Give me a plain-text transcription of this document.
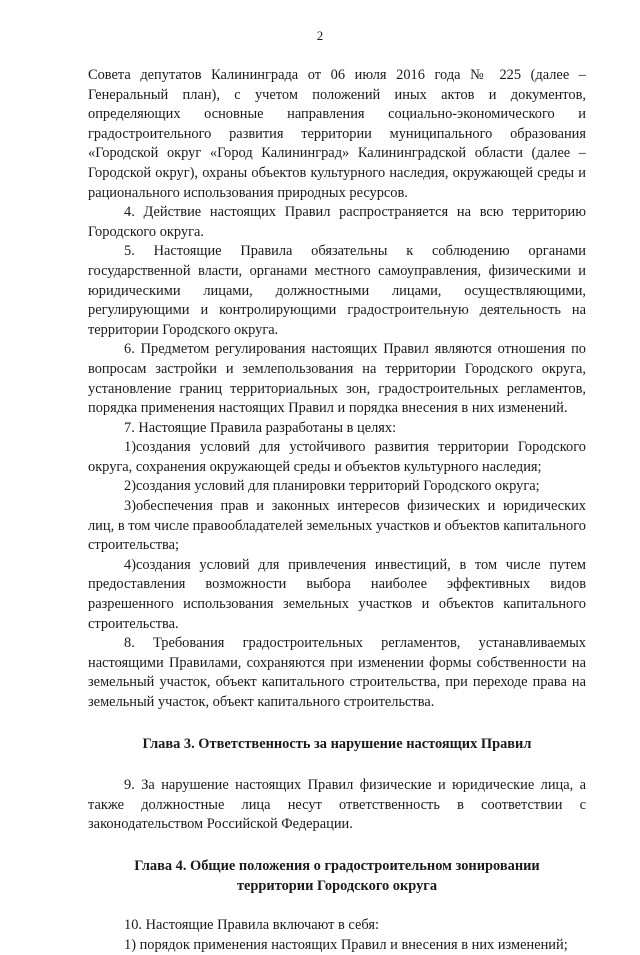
2

Совета депутатов Калининграда от 06 июля 2016 года № 225 (далее – Генеральный план), с учетом положений иных актов и документов, определяющих основные направления социально-экономического и градостроительного развития территории муниципального образования «Городской округ «Город Калининград» Калининградской области (далее – Городской округ), охраны объектов культурного наследия, окружающей среды и рационального использования природных ресурсов.

4. Действие настоящих Правил распространяется на всю территорию Городского округа.

5. Настоящие Правила обязательны к соблюдению органами государственной власти, органами местного самоуправления, физическими и юридическими лицами, должностными лицами, осуществляющими, регулирующими и контролирующими градостроительную деятельность на территории Городского округа.

6. Предметом регулирования настоящих Правил являются отношения по вопросам застройки и землепользования на территории Городского округа, установление границ территориальных зон, градостроительных регламентов, порядка применения настоящих Правил и порядка внесения в них изменений.

7. Настоящие Правила разработаны в целях:

1)создания условий для устойчивого развития территории Городского округа, сохранения окружающей среды и объектов культурного наследия;

2)создания условий для планировки территорий Городского округа;

3)обеспечения прав и законных интересов физических и юридических лиц, в том числе правообладателей земельных участков и объектов капитального строительства;

4)создания условий для привлечения инвестиций, в том числе путем предоставления возможности выбора наиболее эффективных видов разрешенного использования земельных участков и объектов капитального строительства.

8. Требования градостроительных регламентов, устанавливаемых настоящими Правилами, сохраняются при изменении формы собственности на земельный участок, объект капитального строительства, при переходе права на земельный участок, объект капитального строительства.

Глава 3. Ответственность за нарушение настоящих Правил

9. За нарушение настоящих Правил физические и юридические лица, а также должностные лица несут ответственность в соответствии с законодательством Российской Федерации.

Глава 4. Общие положения о градостроительном зонировании
территории Городского округа

10. Настоящие Правила включают в себя:

1) порядок применения настоящих Правил и внесения в них изменений;
